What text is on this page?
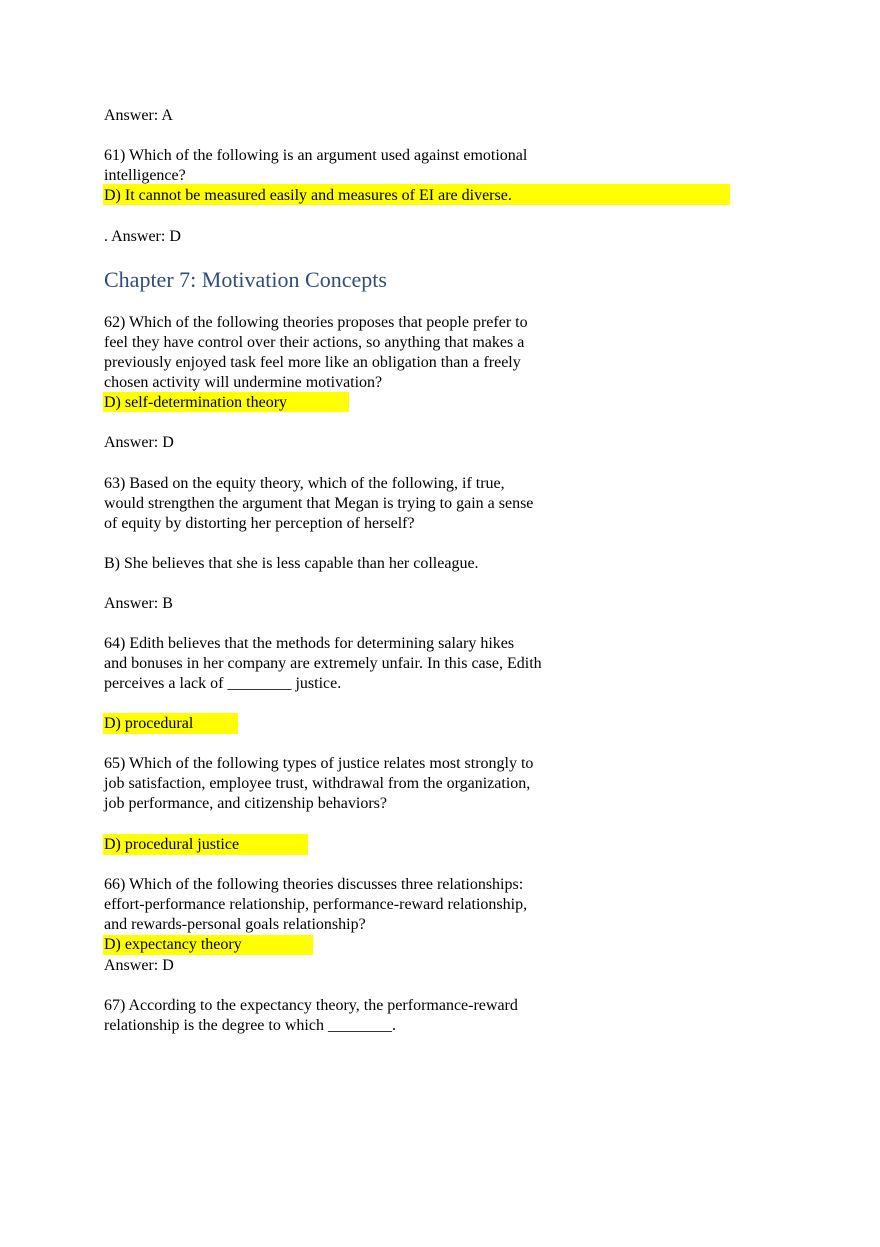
Answer: A

61) Which of the following is an argument used against emotional

intelligence?

D) It cannot be measured easily and measures of EI are diverse.

. Answer: D

Chapter 7: Motivation Concepts

62) Which of the following theories proposes that people prefer to

feel they have control over their actions, so anything that makes a

previously enjoyed task feel more like an obligation than a freely

chosen activity will undermine motivation?

D) self-determination theory

Answer: D

63) Based on the equity theory, which of the following, if true,

would strengthen the argument that Megan is trying to gain a sense

of equity by distorting her perception of herself?

B) She believes that she is less capable than her colleague.

Answer: B

64) Edith believes that the methods for determining salary hikes

and bonuses in her company are extremely unfair. In this case, Edith

perceives a lack of ________ justice.

D) procedural

65) Which of the following types of justice relates most strongly to

job satisfaction, employee trust, withdrawal from the organization,

job performance, and citizenship behaviors?

D) procedural justice

66) Which of the following theories discusses three relationships:

effort-performance relationship, performance-reward relationship,

and rewards-personal goals relationship?

D) expectancy theory

Answer: D

67) According to the expectancy theory, the performance-reward

relationship is the degree to which ________.
